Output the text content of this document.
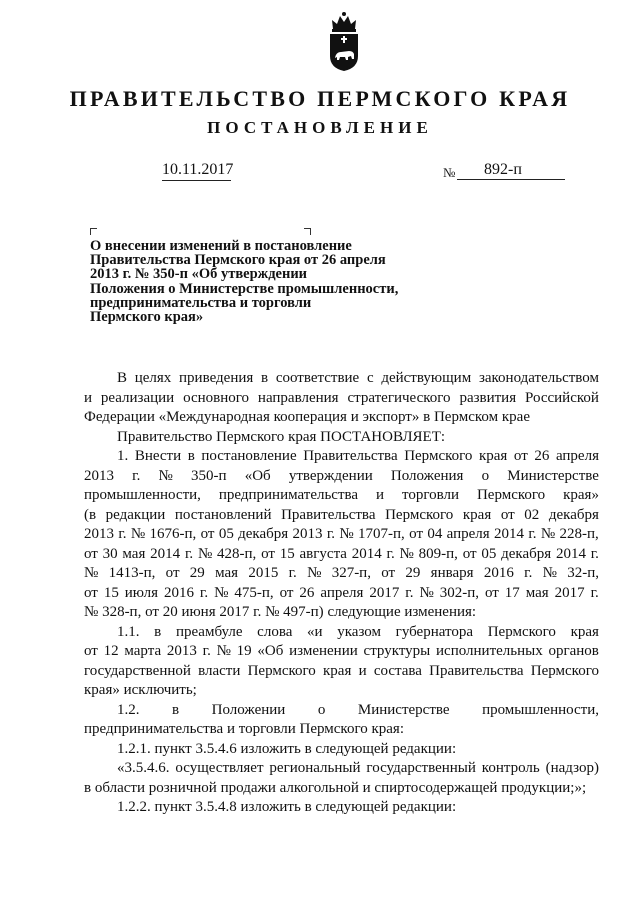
ПРАВИТЕЛЬСТВО ПЕРМСКОГО КРАЯ
ПОСТАНОВЛЕНИЕ
10.11.2017	№ 892-п
О внесении изменений в постановление
Правительства Пермского края от 26 апреля
2013 г. № 350-п «Об утверждении
Положения о Министерстве промышленности,
предпринимательства и торговли
Пермского края»
В целях приведения в соответствие с действующим законодательством
и реализации основного направления стратегического развития Российской
Федерации «Международная кооперация и экспорт» в Пермском крае
Правительство Пермского края ПОСТАНОВЛЯЕТ:
1. Внести в постановление Правительства Пермского края от 26 апреля
2013 г. № 350-п «Об утверждении Положения о Министерстве
промышленности, предпринимательства и торговли Пермского края»
(в редакции постановлений Правительства Пермского края от 02 декабря
2013 г. № 1676-п, от 05 декабря 2013 г. № 1707-п, от 04 апреля 2014 г. № 228-п,
от 30 мая 2014 г. № 428-п, от 15 августа 2014 г. № 809-п, от 05 декабря 2014 г.
№ 1413-п, от 29 мая 2015 г. № 327-п, от 29 января 2016 г. № 32-п,
от 15 июля 2016 г. № 475-п, от 26 апреля 2017 г. № 302-п, от 17 мая 2017 г.
№ 328-п, от 20 июня 2017 г. № 497-п) следующие изменения:
1.1. в преамбуле слова «и указом губернатора Пермского края
от 12 марта 2013 г. № 19 «Об изменении структуры исполнительных органов
государственной власти Пермского края и состава Правительства Пермского
края» исключить;
1.2. в Положении о Министерстве промышленности,
предпринимательства и торговли Пермского края:
1.2.1. пункт 3.5.4.6 изложить в следующей редакции:
«3.5.4.6. осуществляет региональный государственный контроль (надзор)
в области розничной продажи алкогольной и спиртосодержащей продукции;»;
1.2.2. пункт 3.5.4.8 изложить в следующей редакции:
